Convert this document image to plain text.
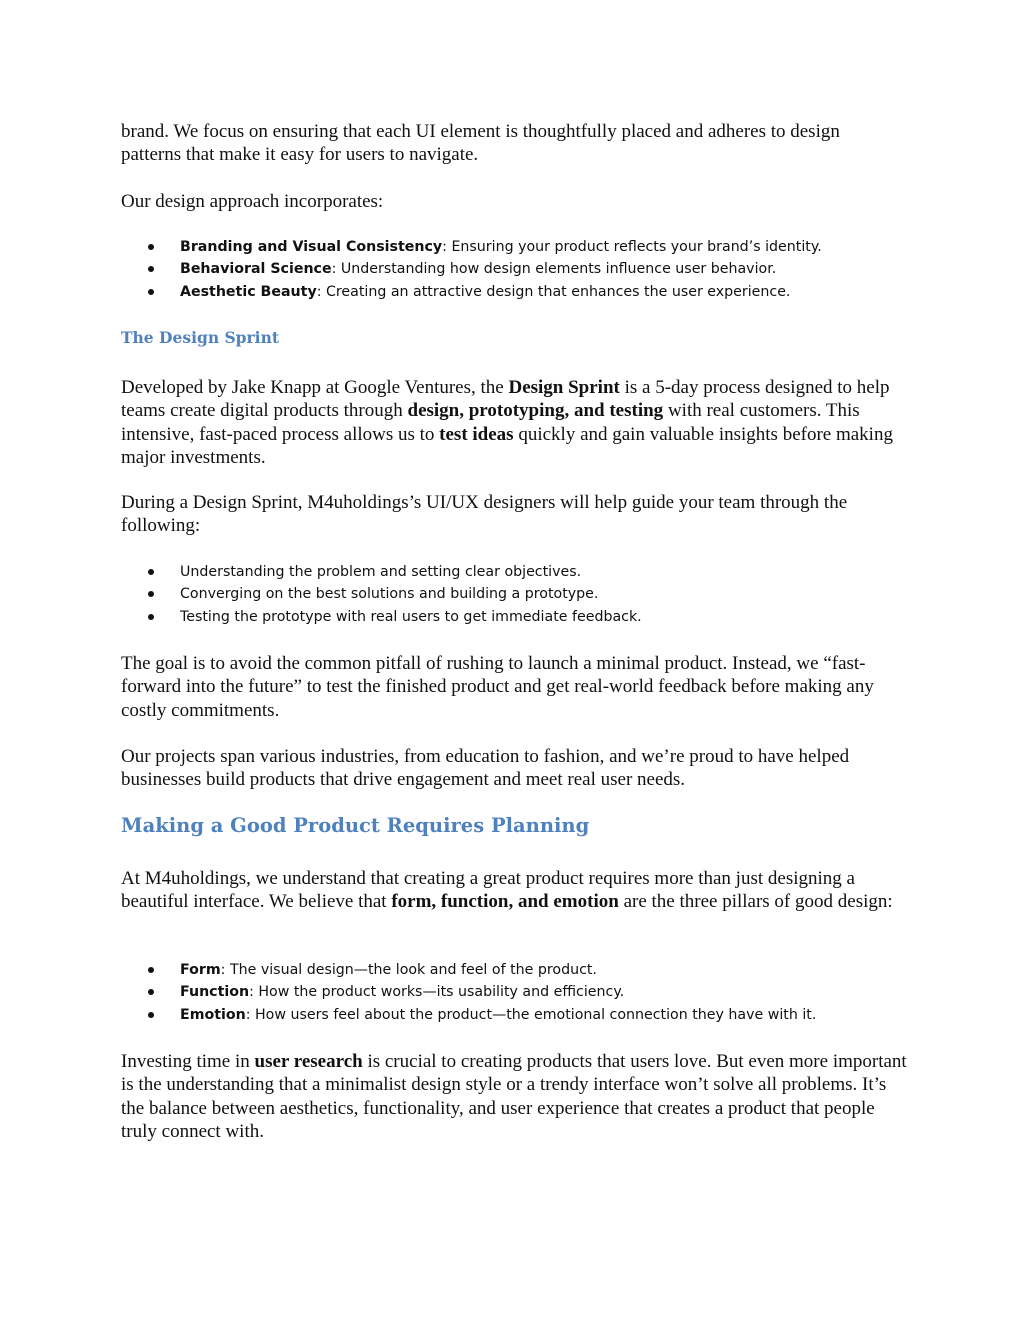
brand. We focus on ensuring that each UI element is thoughtfully placed and adheres to design
patterns that make it easy for users to navigate.

Our design approach incorporates:

Branding and Visual Consistency: Ensuring your product reflects your brand’s identity.
Behavioral Science: Understanding how design elements influence user behavior.
Aesthetic Beauty: Creating an attractive design that enhances the user experience.
The Design Sprint

Developed by Jake Knapp at Google Ventures, the Design Sprint is a 5-day process designed to help teams create digital products through design, prototyping, and testing with real customers. This intensive, fast-paced process allows us to test ideas quickly and gain valuable insights before making major investments.

During a Design Sprint, M4uholdings’s UI/UX designers will help guide your team through the following:

Understanding the problem and setting clear objectives.
Converging on the best solutions and building a prototype.
Testing the prototype with real users to get immediate feedback.

The goal is to avoid the common pitfall of rushing to launch a minimal product. Instead, we “fast-forward into the future” to test the finished product and get real-world feedback before making any costly commitments.

Our projects span various industries, from education to fashion, and we’re proud to have helped businesses build products that drive engagement and meet real user needs.

Making a Good Product Requires Planning

At M4uholdings, we understand that creating a great product requires more than just designing a beautiful interface. We believe that form, function, and emotion are the three pillars of good design:

Form: The visual design—the look and feel of the product.
Function: How the product works—its usability and efficiency.
Emotion: How users feel about the product—the emotional connection they have with it.

Investing time in user research is crucial to creating products that users love. But even more important is the understanding that a minimalist design style or a trendy interface won’t solve all problems. It’s the balance between aesthetics, functionality, and user experience that creates a product that people truly connect with.
